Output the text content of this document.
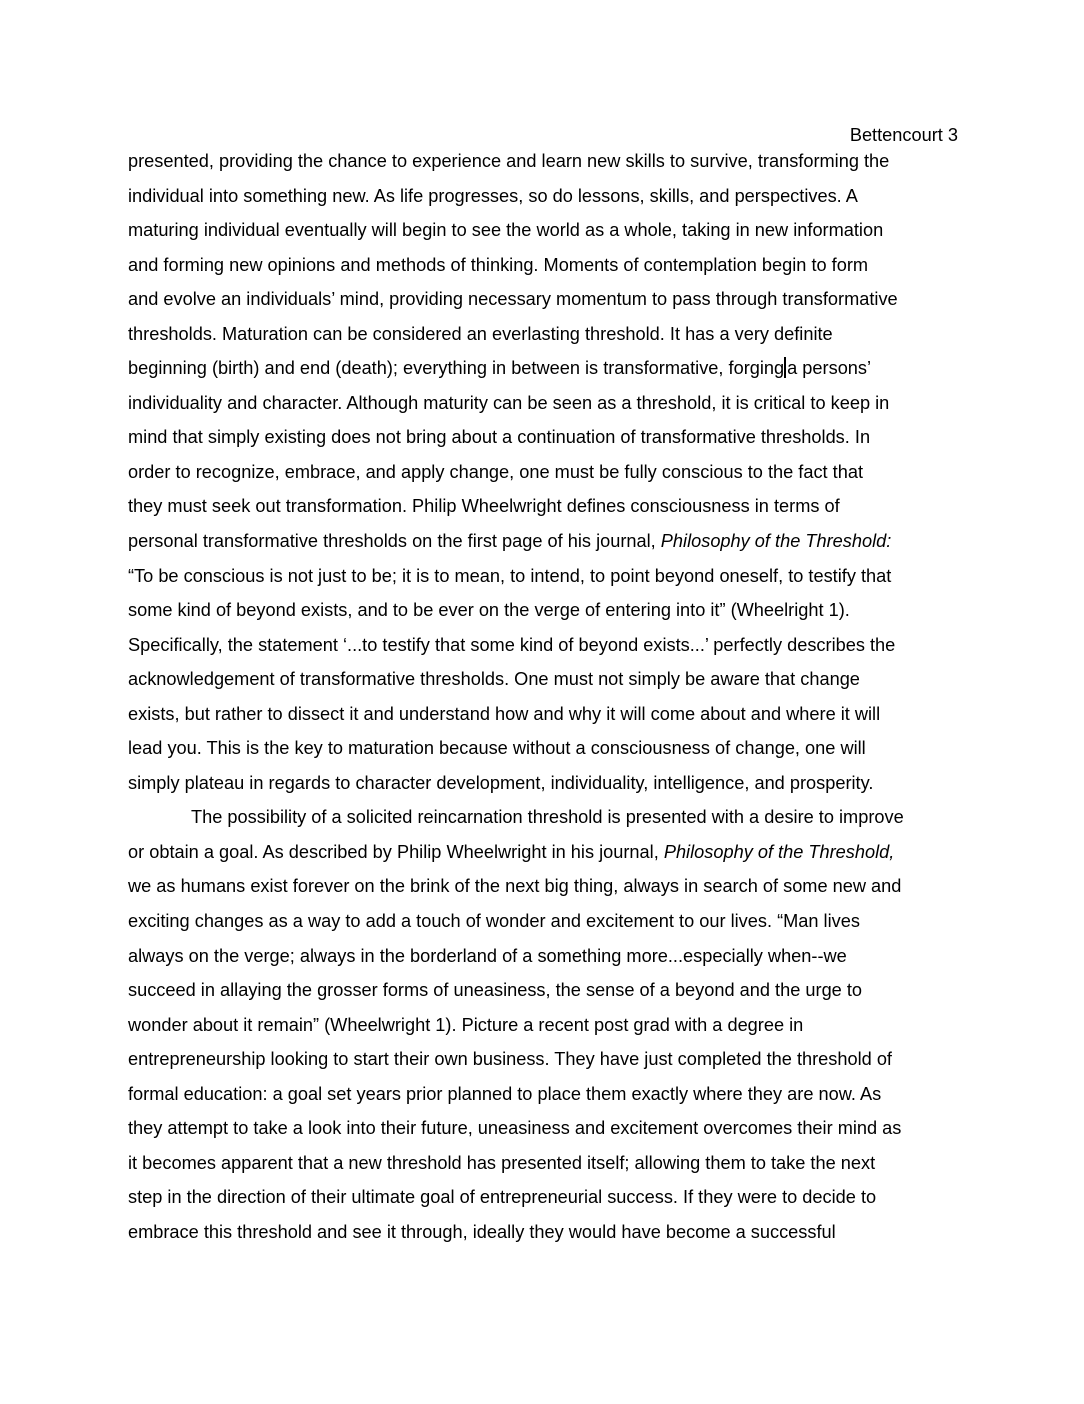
Bettencourt 3
presented, providing the chance to experience and learn new skills to survive, transforming the
individual into something new. As life progresses, so do lessons, skills, and perspectives. A
maturing individual eventually will begin to see the world as a whole, taking in new information
and forming new opinions and methods of thinking. Moments of contemplation begin to form
and evolve an individuals’ mind, providing necessary momentum to pass through transformative
thresholds. Maturation can be considered an everlasting threshold. It has a very definite
beginning (birth) and end (death); everything in between is transformative, forging a persons’
individuality and character. Although maturity can be seen as a threshold, it is critical to keep in
mind that simply existing does not bring about a continuation of transformative thresholds. In
order to recognize, embrace, and apply change, one must be fully conscious to the fact that
they must seek out transformation. Philip Wheelwright defines consciousness in terms of
personal transformative thresholds on the first page of his journal, Philosophy of the Threshold:
“To be conscious is not just to be; it is to mean, to intend, to point beyond oneself, to testify that
some kind of beyond exists, and to be ever on the verge of entering into it” (Wheelright 1).
Specifically, the statement ‘...to testify that some kind of beyond exists...’ perfectly describes the
acknowledgement of transformative thresholds. One must not simply be aware that change
exists, but rather to dissect it and understand how and why it will come about and where it will
lead you. This is the key to maturation because without a consciousness of change, one will
simply plateau in regards to character development, individuality, intelligence, and prosperity.
The possibility of a solicited reincarnation threshold is presented with a desire to improve
or obtain a goal. As described by Philip Wheelwright in his journal, Philosophy of the Threshold,
we as humans exist forever on the brink of the next big thing, always in search of some new and
exciting changes as a way to add a touch of wonder and excitement to our lives. “Man lives
always on the verge; always in the borderland of a something more...especially when--we
succeed in allaying the grosser forms of uneasiness, the sense of a beyond and the urge to
wonder about it remain” (Wheelwright 1). Picture a recent post grad with a degree in
entrepreneurship looking to start their own business. They have just completed the threshold of
formal education: a goal set years prior planned to place them exactly where they are now. As
they attempt to take a look into their future, uneasiness and excitement overcomes their mind as
it becomes apparent that a new threshold has presented itself; allowing them to take the next
step in the direction of their ultimate goal of entrepreneurial success. If they were to decide to
embrace this threshold and see it through, ideally they would have become a successful
